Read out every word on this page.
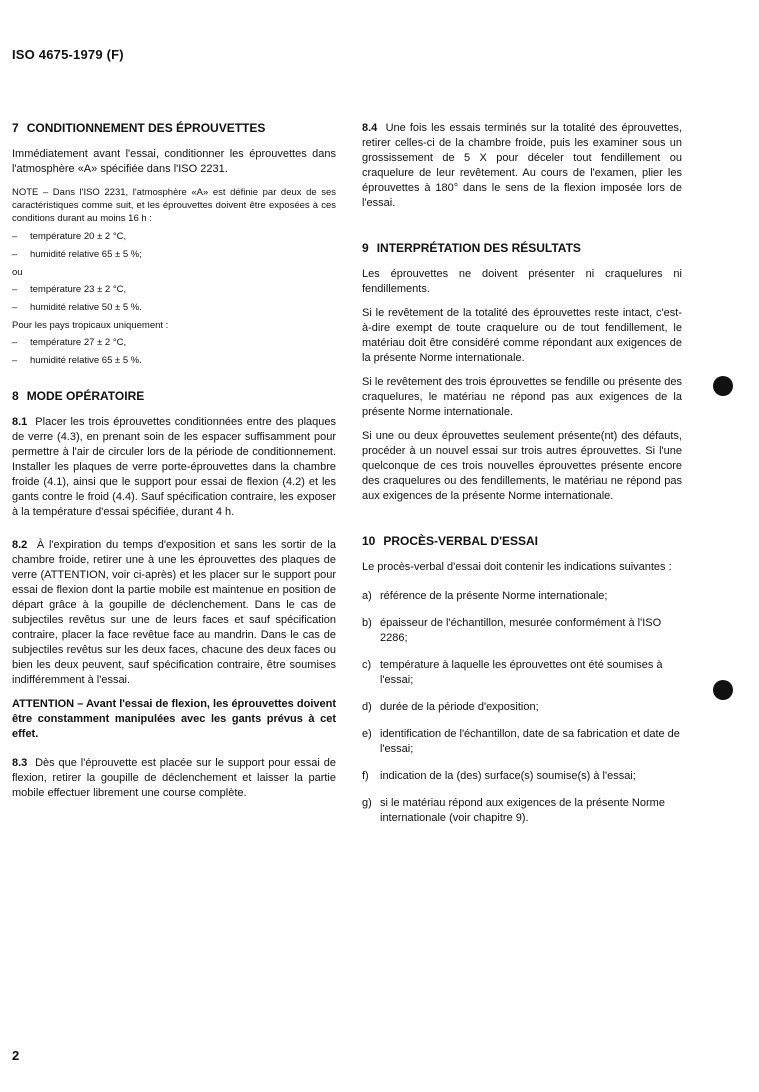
ISO 4675-1979 (F)
7 CONDITIONNEMENT DES ÉPROUVETTES

Immédiatement avant l'essai, conditionner les éprouvettes dans l'atmosphère «A» spécifiée dans l'ISO 2231.

NOTE – Dans l'ISO 2231, l'atmosphère «A» est définie par deux de ses caractéristiques comme suit, et les éprouvettes doivent être exposées à ces conditions durant au moins 16 h :

– température 20 ± 2 °C,
– humidité relative 65 ± 5 %;
ou
– température 23 ± 2 °C,
– humidité relative 50 ± 5 %.
Pour les pays tropicaux uniquement :
– température 27 ± 2 °C,
– humidité relative 65 ± 5 %.
8 MODE OPÉRATOIRE

8.1 Placer les trois éprouvettes conditionnées entre des plaques de verre (4.3), en prenant soin de les espacer suffisamment pour permettre à l'air de circuler lors de la période de conditionnement. Installer les plaques de verre porte-éprouvettes dans la chambre froide (4.1), ainsi que le support pour essai de flexion (4.2) et les gants contre le froid (4.4). Sauf spécification contraire, les exposer à la température d'essai spécifiée, durant 4 h.

8.2 À l'expiration du temps d'exposition et sans les sortir de la chambre froide, retirer une à une les éprouvettes des plaques de verre (ATTENTION, voir ci-après) et les placer sur le support pour essai de flexion dont la partie mobile est maintenue en position de départ grâce à la goupille de déclenchement. Dans le cas de subjectiles revêtus sur une de leurs faces et sauf spécification contraire, placer la face revêtue face au mandrin. Dans le cas de subjectiles revêtus sur les deux faces, chacune des deux faces ou bien les deux peuvent, sauf spécification contraire, être soumises indifféremment à l'essai.

ATTENTION – Avant l'essai de flexion, les éprouvettes doivent être constamment manipulées avec les gants prévus à cet effet.

8.3 Dès que l'éprouvette est placée sur le support pour essai de flexion, retirer la goupille de déclenchement et laisser la partie mobile effectuer librement une course complète.

8.4 Une fois les essais terminés sur la totalité des éprouvettes, retirer celles-ci de la chambre froide, puis les examiner sous un grossissement de 5 X pour déceler tout fendillement ou craquelure de leur revêtement. Au cours de l'examen, plier les éprouvettes à 180° dans le sens de la flexion imposée lors de l'essai.

9 INTERPRÉTATION DES RÉSULTATS

Les éprouvettes ne doivent présenter ni craquelures ni fendillements.

Si le revêtement de la totalité des éprouvettes reste intact, c'est-à-dire exempt de toute craquelure ou de tout fendillement, le matériau doit être considéré comme répondant aux exigences de la présente Norme internationale.

Si le revêtement des trois éprouvettes se fendille ou présente des craquelures, le matériau ne répond pas aux exigences de la présente Norme internationale.

Si une ou deux éprouvettes seulement présente(nt) des défauts, procéder à un nouvel essai sur trois autres éprouvettes. Si l'une quelconque de ces trois nouvelles éprouvettes présente encore des craquelures ou des fendillements, le matériau ne répond pas aux exigences de la présente Norme internationale.

10 PROCÈS-VERBAL D'ESSAI

Le procès-verbal d'essai doit contenir les indications suivantes :

a) référence de la présente Norme internationale;
b) épaisseur de l'échantillon, mesurée conformément à l'ISO 2286;
c) température à laquelle les éprouvettes ont été soumises à l'essai;
d) durée de la période d'exposition;
e) identification de l'échantillon, date de sa fabrication et date de l'essai;
f) indication de la (des) surface(s) soumise(s) à l'essai;
g) si le matériau répond aux exigences de la présente Norme internationale (voir chapitre 9).
2
